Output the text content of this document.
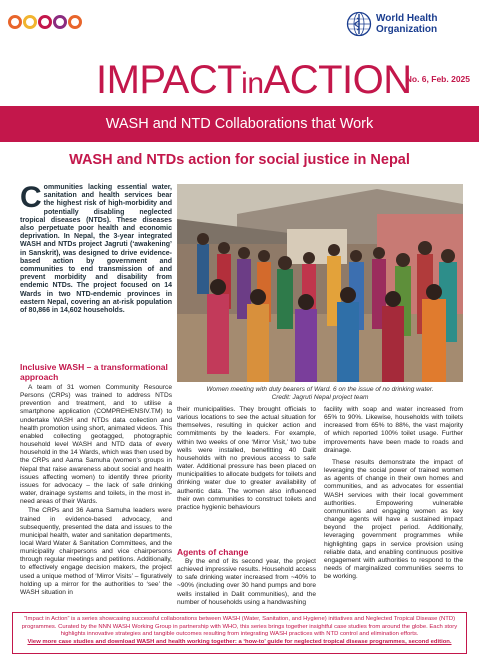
World Health
Organization
IMPACTinACTION
No. 6, Feb. 2025
WASH and NTD Collaborations that Work
WASH and NTDs action for social justice in Nepal
Communities lacking essential water, sanitation and health services bear the highest risk of high-morbidity and potentially disabling neglected tropical diseases (NTDs). These diseases also perpetuate poor health and economic deprivation. In Nepal, the 3-year integrated WASH and NTDs project Jagruti (‘awakening’ in Sanskrit), was designed to drive evidence-based action by government and communities to end transmission of and prevent morbidity and disability from endemic NTDs. The project focused on 14 Wards in two NTD-endemic provinces in eastern Nepal, covering an at-risk population of 80,866 in 14,602 households.
Inclusive WASH – a transformational approach

A team of 31 women Community Resource Persons (CRPs) was trained to address NTDs prevention and treatment, and to utilise a smartphone application (COMPREHENSIV.TM) to undertake WASH and NTDs data collection and health promotion using short, animated videos. This enabled collecting geotagged, photographic household level WASH and NTD data of every household in the 14 Wards, which was then used by the CRPs and Aama Samuha (women’s groups in Nepal that raise awareness about social and health issues affecting women) to identify three priority issues for advocacy – the lack of safe drinking water, drainage systems and toilets, in the most in-need areas of their Wards.

The CRPs and 36 Aama Samuha leaders were trained in evidence-based advocacy, and subsequently, presented the data and issues to the municipal health, water and sanitation departments, local Ward Water & Sanitation Committees, and the municipality chairpersons and vice chairpersons through regular meetings and petitions. Additionally, to effectively engage decision makers, the project used a unique method of ‘Mirror Visits’ – figuratively holding up a mirror for the authorities to ‘see’ the WASH situation in

Women meeting with duty bearers of Ward. 6 on the issue of no drinking water.
Credit: Jagruti Nepal project team

their municipalities. They brought officials to various locations to see the actual situation for themselves, resulting in quicker action and commitments by the leaders. For example, within two weeks of one ‘Mirror Visit,’ two tube wells were installed, benefitting 40 Dalit households with no previous access to safe water. Additional pressure has been placed on municipalities to allocate budgets for toilets and drinking water due to greater availability of authentic data. The women also influenced their own communities to construct toilets and practice hygienic behaviours

Agents of change

By the end of its second year, the project achieved impressive results. Household access to safe drinking water increased from ~40% to ~90% (including over 30 hand pumps and bore wells installed in Dalit communities), and the number of households using a handwashing

facility with soap and water increased from 65% to 90%. Likewise, households with toilets increased from 65% to 88%, the vast majority of which reported 100% toilet usage. Further improvements have been made to roads and drainage.

These results demonstrate the impact of leveraging the social power of trained women as agents of change in their own homes and communities, and as advocates for essential WASH services with their local government authorities. Empowering vulnerable communities and engaging women as key change agents will have a sustained impact beyond the project period. Additionally, leveraging government programmes while highlighting gaps in service provision using reliable data, and enabling continuous positive engagement with authorities to respond to the needs of marginalized communities seems to be working.

“Impact in Action” is a series showcasing successful collaborations between WASH (Water, Sanitation, and Hygiene) initiatives and Neglected Tropical Disease (NTD) programmes. Curated by the NNN WASH Working Group in partnership with WHO, this series brings together insightful case studies from around the globe. Each story highlights innovative strategies and tangible outcomes resulting from integrating WASH practices with NTD control and elimination efforts.
View more case studies and download WASH and health working together: a ‘how-to’ guide for neglected tropical disease programmes, second edition.
